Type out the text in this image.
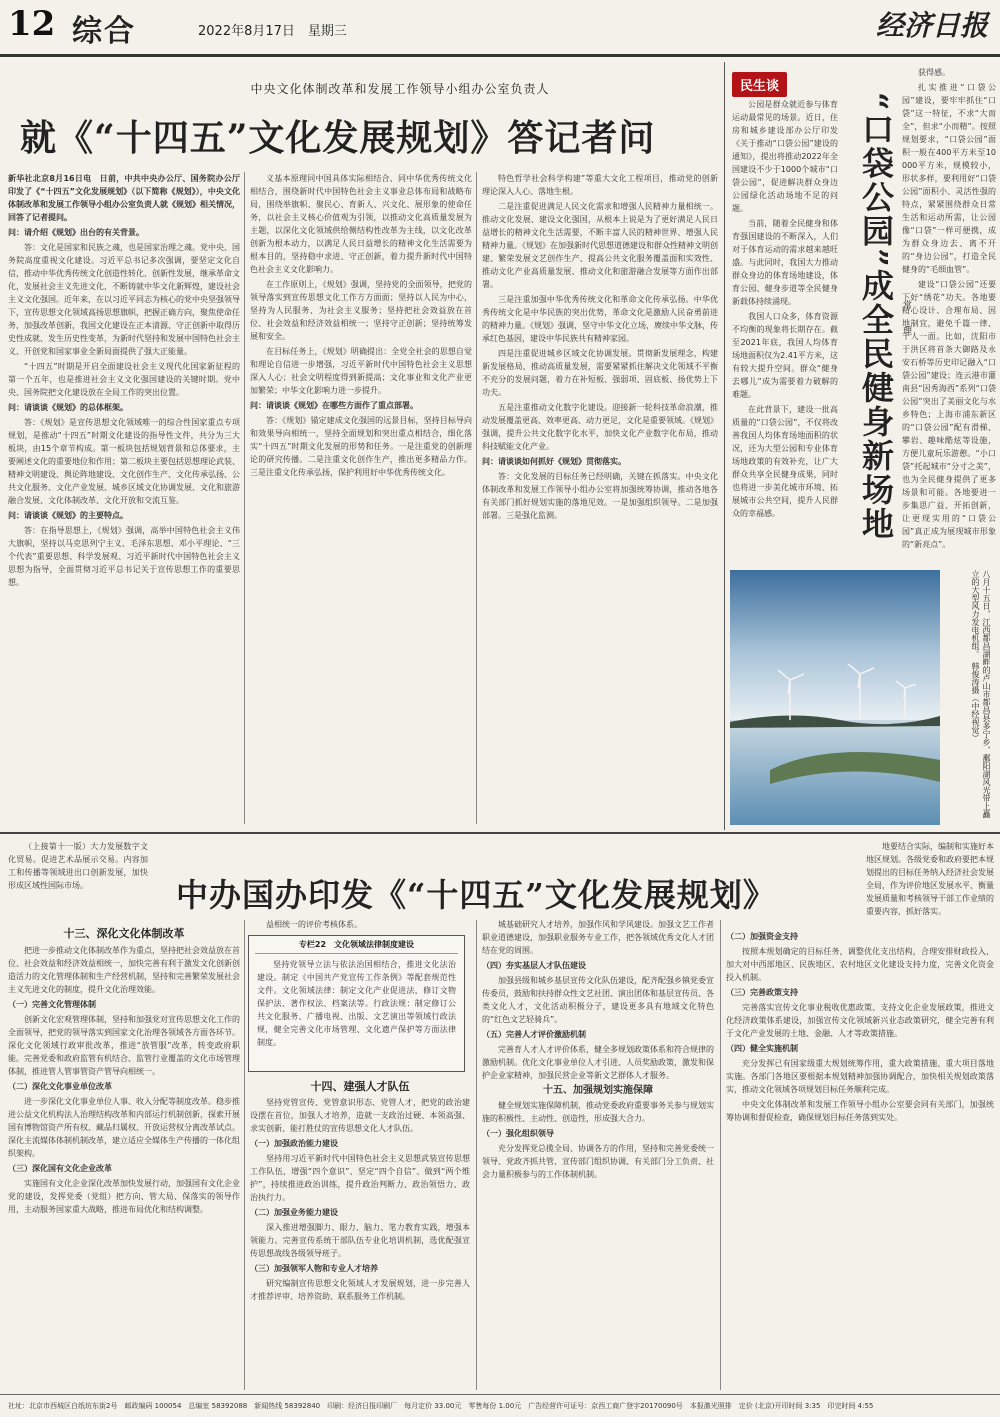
12 综合	2022年8月17日　星期三	经济日报
中央文化体制改革和发展工作领导小组办公室负责人
就《“十四五”文化发展规划》答记者问

新华社北京8月16日电　日前，中共中央办公厅、国务院办公厅印发了《“十四五”文化发展规划》（以下简称《规划》），中央文化体制改革和发展工作领导小组办公室负责人就《规划》相关情况，回答了记者提问。

问：请介绍《规划》出台的有关背景。

答：文化是国家和民族之魂，也是国家治理之魂。党中央、国务院高度重视文化建设。习近平总书记多次强调，要坚定文化自信，推动中华优秀传统文化创造性转化、创新性发展，继承革命文化，发展社会主义先进文化，不断铸就中华文化新辉煌，建设社会主义文化强国。近年来，在以习近平同志为核心的党中央坚强领导下，宣传思想文化领域高扬思想旗帜，把握正确方向，聚焦使命任务，加强改革创新，我国文化建设在正本清源、守正创新中取得历史性成就、发生历史性变革，为新时代坚持和发展中国特色社会主义、开创党和国家事业全新局面提供了强大正能量。

“十四五”时期是开启全面建设社会主义现代化国家新征程的第一个五年，也是推进社会主义文化强国建设的关键时期。党中央、国务院把文化建设放在全局工作的突出位置。

问：请谈谈《规划》的总体框架。

答：《规划》是宣传思想文化领域唯一的综合性国家重点专项规划，是推动“十四五”时期文化建设的指导性文件，共分为三大板块，由15个章节构成。第一板块包括规划背景和总体要求，主要阐述文化的重要地位和作用；第二板块主要包括思想理论武装、精神文明建设、舆论阵地建设、文化创作生产、文化传承弘扬、公共文化服务、文化产业发展、城乡区域文化协调发展、文化和旅游融合发展、文化体制改革、文化开放和交流互鉴。

问：请谈谈《规划》的主要特点。

答：在指导思想上，《规划》强调，高举中国特色社会主义伟大旗帜，坚持以马克思列宁主义、毛泽东思想、邓小平理论、“三个代表”重要思想、科学发展观、习近平新时代中国特色社会主义思想为指导，全面贯彻习近平总书记关于宣传思想工作的重要思想。

义基本原理同中国具体实际相结合、同中华优秀传统文化相结合，围绕新时代中国特色社会主义事业总体布局和战略布局，围绕举旗帜、聚民心、育新人、兴文化、展形象的使命任务，以社会主义核心价值观为引领，以推动文化高质量发展为主题，以深化文化领域供给侧结构性改革为主线，以文化改革创新为根本动力，以满足人民日益增长的精神文化生活需要为根本目的，坚持稳中求进、守正创新，着力提升新时代中国特色社会主义文化影响力。

在工作原则上，《规划》强调，坚持党的全面领导，把党的领导落实到宣传思想文化工作方方面面；坚持以人民为中心，坚持为人民服务、为社会主义服务；坚持把社会效益放在首位、社会效益和经济效益相统一；坚持守正创新；坚持统筹发展和安全。

在目标任务上，《规划》明确提出：全党全社会的思想自觉和理论自信进一步增强，习近平新时代中国特色社会主义思想深入人心；社会文明程度得到新提高；文化事业和文化产业更加繁荣；中华文化影响力进一步提升。

问：请谈谈《规划》在哪些方面作了重点部署。

答：《规划》锚定建成文化强国的远景目标，坚持目标导向和效果导向相统一，坚持全面规划和突出重点相结合，细化落实“十四五”时期文化发展的形势和任务。一是注重党的创新理论的研究传播。二是注重文化创作生产，推出更多精品力作。三是注重文化传承弘扬，保护利用好中华优秀传统文化。

特色哲学社会科学构建”等重大文化工程项目，推动党的创新理论深入人心、落地生根。

二是注重促进满足人民文化需求和增强人民精神力量相统一。推动文化发展、建设文化强国，从根本上说是为了更好满足人民日益增长的精神文化生活需要，不断丰富人民的精神世界、增强人民精神力量。《规划》在加强新时代思想道德建设和群众性精神文明创建、繁荣发展文艺创作生产、提高公共文化服务覆盖面和实效性、推动文化产业高质量发展、推动文化和旅游融合发展等方面作出部署。

三是注重加强中华优秀传统文化和革命文化传承弘扬。中华优秀传统文化是中华民族的突出优势，革命文化是激励人民奋勇前进的精神力量。《规划》强调，坚守中华文化立场，赓续中华文脉，传承红色基因，建设中华民族共有精神家园。

四是注重促进城乡区域文化协调发展。贯彻新发展理念，构建新发展格局，推动高质量发展，需要紧紧抓住解决文化领域不平衡不充分的发展问题，着力在补短板、强弱项、固底板、扬优势上下功夫。

五是注重推动文化数字化建设。迎接新一轮科技革命浪潮，推动发展覆盖更高、效率更高、动力更足，文化是重要领域。《规划》强调，提升公共文化数字化水平，加快文化产业数字化布局，推动科技赋能文化产业。

问：请谈谈如何抓好《规划》贯彻落实。

答：文化发展的目标任务已经明确，关键在抓落实。中央文化体制改革和发展工作领导小组办公室将加强统筹协调，推动各地各有关部门抓好规划实施的落地见效。一是加强组织领导。二是加强部署。三是强化监测。

民生谈

公园是群众就近参与体育运动最常见的场景。近日，住房和城乡建设部办公厅印发《关于推动“口袋公园”建设的通知》，提出将推动2022年全国建设不少于1000个城市“口袋公园”，促进解决群众身边公园绿化活动场地不足的问题。

当前，随着全民健身和体育强国建设的不断深入，人们对于体育运动的需求越来越旺盛。与此同时，我国大力推动群众身边的体育场地建设，体育公园、健身步道等全民健身新载体持续涌现。

我国人口众多，体育资源不均衡的现象将长期存在。截至2021年底，我国人均体育场地面积仅为2.41平方米，这有较大提升空间。群众“健身去哪儿”成为需要着力破解的难题。

在此背景下，建设一批高质量的“口袋公园”，不仅将改善我国人均体育场地面积的状况，还为大型公园和专业体育场地政策的有效补充，让广大群众共享全民健身成果，同时也将进一步美化城市环境、拓展城市公共空间，提升人民群众的幸福感。	“口袋公园”成全民健身新场地 常　理

获得感。

扎实推进“口袋公园”建设，要牢牢抓住“口袋”这一特征，不求“大而全”，但求“小而精”。按照规划要求，“口袋公园”面积一般在400平方米至10000平方米，规模较小，形状多样，要利用好“口袋公园”面积小、灵活性强的特点，紧紧围绕群众日常生活和运动所需，让公园像“口袋”一样可便携，成为群众身边去、离不开的“身边公园”，打造全民健身的“毛细血管”。

建设“口袋公园”还要下好“绣花”功夫。各地要精心设计、合理布局、因地制宜，避免千篇一律、千人一面。比如，沈阳市于洪区将首条大御路及永安石桥等历史印记融入“口袋公园”建设；连云港市灌南县“因秀海西”系列“口袋公园”突出了美丽文化与水乡特色；上海市浦东新区的“口袋公园”配有滑梯、攀岩、趣味酷炫等设施，方便儿童玩乐游憩。“小口袋”托起城市“分寸之美”，也为全民健身提供了更多场景和可能。各地要进一步集思广益、开拓创新，让更现实用的“口袋公园”真正成为展现城市形象的“新亮点”。

八月十五日，江西都昌湖畔的卢山市都昌县多宁乡，鄱阳湖风光带上矗立的大型风力发电机组。　韩俊涛摄（中经视觉）

（上接第十一版）大力发展数字文化贸易。促进艺术品展示交易。内容加工和传播等领域进出口创新发展，加快形成区域性国际市场。	中办国办印发《“十四五”文化发展规划》

地要结合实际，编制和实施好本地区规划。各级党委和政府要把本规划提出的目标任务纳入经济社会发展全局，作为评价地区发展水平、衡量发展质量和考核领导干部工作业绩的重要内容，抓好落实。

十三、深化文化体制改革

把进一步推动文化体制改革作为重点，坚持把社会效益放在首位、社会效益和经济效益相统一，加快完善有利于激发文化创新创造活力的文化管理体制和生产经营机制，坚持和完善繁荣发展社会主义先进文化的制度，提升文化治理效能。

（一）完善文化管理体制

创新文化宏观管理体制，坚持和加强党对宣传思想文化工作的全面领导，把党的领导落实到国家文化治理各领域各方面各环节。深化文化领域行政审批改革，推进“放管服”改革，转变政府职能。完善党委和政府监管有机结合、监管行业覆盖的文化市场管理体制，推进管人管事管资产管导向相统一。

（二）深化文化事业单位改革

进一步深化文化事业单位人事、收入分配等制度改革。稳步推进公益文化机构法人治理结构改革和内部运行机制创新，探索开展国有博物馆资产所有权、藏品归属权、开放运营权分离改革试点。深化主流媒体体制机制改革，建立适应全媒体生产传播的一体化组织架构。

（三）深化国有文化企业改革

实施国有文化企业深化改革加快发展行动，加强国有文化企业党的建设，发挥党委（党组）把方向、管大局、保落实的领导作用，主动服务国家重大战略，推进布局优化和结构调整。

益相统一的评价考核体系。

专栏22　文化领域法律制度建设

坚持党领导立法与依法治国相结合，推进文化法治建设。制定《中国共产党宣传工作条例》等配套规范性文件。文化领域法律：制定文化产业促进法，修订文物保护法、著作权法、档案法等。行政法规：制定修订公共文化服务、广播电视、出版、文艺演出等领域行政法规，健全完善文化市场管理、文化遗产保护等方面法律制度。

十四、建强人才队伍

坚持党管宣传、党管意识形态、党管人才，把党的政治建设摆在首位，加强人才培养，造就一支政治过硬、本领高强、求实创新、能打胜仗的宣传思想文化人才队伍。

（一）加强政治能力建设

坚持用习近平新时代中国特色社会主义思想武装宣传思想工作队伍，增强“四个意识”、坚定“四个自信”、做到“两个维护”，持续推进政治训练，提升政治判断力、政治领悟力、政治执行力。

（二）加强业务能力建设

深入推进增强脚力、眼力、脑力、笔力教育实践，增强本领能力。完善宣传系统干部队伍专业化培训机制，选优配强宣传思想战线各级领导班子。

（三）加强领军人物和专业人才培养

研究编制宣传思想文化领域人才发展规划，进一步完善人才推荐评审、培养资助、联系服务工作机制。

城基础研究人才培养，加强作风和学风建设。加强文艺工作者职业道德建设，加强职业服务专业工作，把各领域优秀文化人才团结在党的周围。

（四）夯实基层人才队伍建设

加强县级和城乡基层宣传文化队伍建设，配齐配强乡镇党委宣传委员，鼓励和扶持群众性文艺社团、演出团体和基层宣传员、各类文化人才，文化活动积极分子，建设更多具有地域文化特色的“红色文艺轻骑兵”。

（五）完善人才评价激励机制

完善育人才人才评价体系，健全多规划政策体系和符合规律的激励机制。优化文化事业单位人才引进、人员奖励政策，激发和保护企业家精神，加强民营企业等新文艺群体人才服务。

十五、加强规划实施保障

健全规划实施保障机制，推动党委政府重要事务关参与规划实施的积极性、主动性、创造性，形成强大合力。

（一）强化组织领导

充分发挥党总揽全局、协调各方的作用，坚持和完善党委统一领导、党政齐抓共管、宣传部门组织协调、有关部门分工负责、社会力量积极参与的工作体制机制。

（二）加强资金支持

按照本规划确定的目标任务，调整优化支出结构，合理安排财政投入，加大对中西部地区、民族地区、农村地区文化建设支持力度，完善文化资金投入机制。

（三）完善政策支持

完善落实宣传文化事业税收优惠政策、支持文化企业发展政策，推进文化经济政策体系建设，加强宣传文化领域新兴业态政策研究，健全完善有利于文化产业发展的土地、金融、人才等政策措施。

（四）健全实施机制

充分发挥已有国家级重大规划统筹作用，重大政策措施、重大项目落地实施。各部门各地区要根据本规划精神加强协调配合，加快相关规划政策落实，推动文化领域各项规划目标任务顺利完成。

中央文化体制改革和发展工作领导小组办公室要会同有关部门，加强统筹协调和督促检查，确保规划目标任务落到实处。

社址：北京市西城区白纸坊东街2号　邮政编码 100054　总编室 58392088　新闻热线 58392840　印刷：经济日报印刷厂　每月定价 33.00元　零售每份 1.00元　广告经营许可证号：京西工商广登字20170090号　本报激光照排　定价 (北京)开印时间 3:35　印完时间 4:55
